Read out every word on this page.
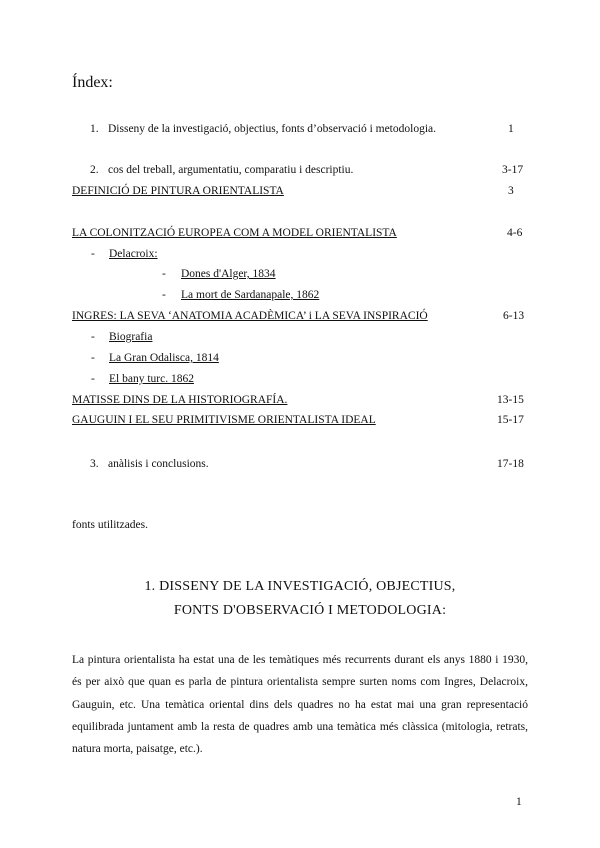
Índex:
1. Disseny de la investigació, objectius, fonts d’observació i metodologia.	1
2. cos del treball, argumentatiu, comparatiu i descriptiu.	3-17
DEFINICIÓ DE PINTURA ORIENTALISTA	3
LA COLONITZACIÓ EUROPEA COM A MODEL ORIENTALISTA	4-6
- Delacroix:
- Dones d'Alger, 1834
- La mort de Sardanapale, 1862
INGRES: LA SEVA ‘ANATOMIA ACADÈMICA’ i LA SEVA INSPIRACIÓ	6-13
- Biografia
- La Gran Odalisca, 1814
- El bany turc. 1862
MATISSE DINS DE LA HISTORIOGRAFÍA.	13-15
GAUGUIN I EL SEU PRIMITIVISME ORIENTALISTA IDEAL	15-17
3. anàlisis i conclusions.	17-18
fonts utilitzades.
1. DISSENY DE LA INVESTIGACIÓ, OBJECTIUS,
FONTS D'OBSERVACIÓ I METODOLOGIA:
La pintura orientalista ha estat una de les temàtiques més recurrents durant els anys 1880 i 1930, és per això que quan es parla de pintura orientalista sempre surten noms com Ingres, Delacroix, Gauguin, etc. Una temàtica oriental dins dels quadres no ha estat mai una gran representació equilibrada juntament amb la resta de quadres amb una temàtica més clàssica (mitologia, retrats, natura morta, paisatge, etc.).
1
